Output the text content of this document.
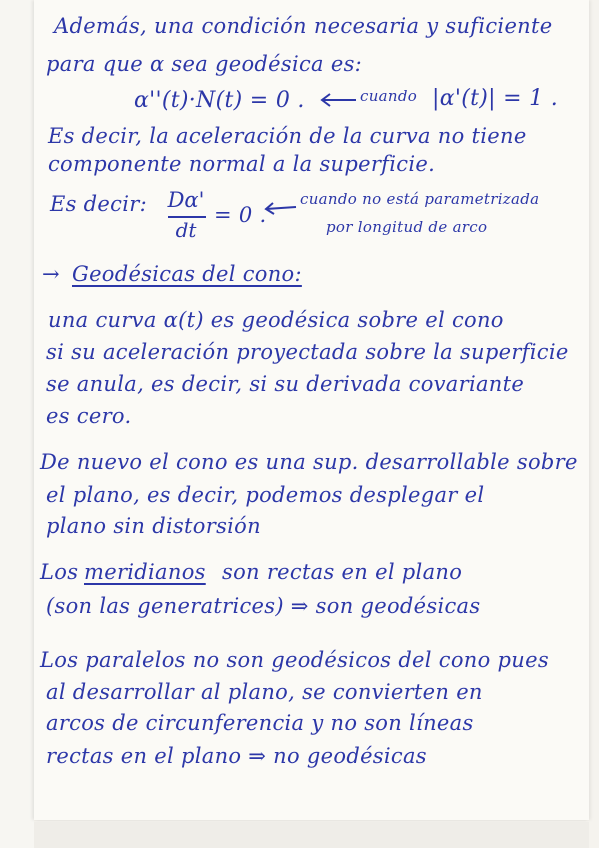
Además, una condición necesaria y suficiente
para que α sea geodésica es:
α''(t)·N(t) = 0 .	cuando |α'(t)| = 1 .
Es decir, la aceleración de la curva no tiene
componente normal a la superficie.
Es decir: Dα'
dt
= 0 .
cuando no está parametrizada
por longitud de arco
→ Geodésicas del cono:
una curva α(t) es geodésica sobre el cono
si su aceleración proyectada sobre la superficie
se anula, es decir, si su derivada covariante
es cero.
De nuevo el cono es una sup. desarrollable sobre
el plano, es decir, podemos desplegar el
plano sin distorsión
Los meridianos son rectas en el plano
(son las generatrices) ⇒ son geodésicas
Los paralelos no son geodésicos del cono pues
al desarrollar al plano, se convierten en
arcos de circunferencia y no son líneas
rectas en el plano ⇒ no geodésicas
